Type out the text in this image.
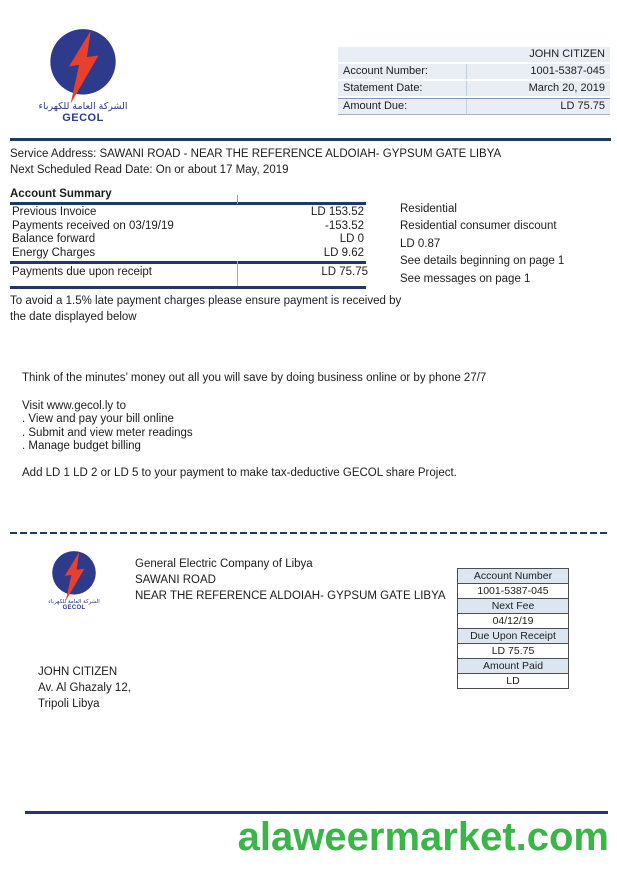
الشركة العامة للكهرباء
GECOL
JOHN CITIZEN
Account Number:	1001-5387-045
Statement Date:	March 20, 2019
Amount Due:	LD 75.75
Service Address: SAWANI ROAD - NEAR THE REFERENCE ALDOIAH- GYPSUM GATE LIBYA
Next Scheduled Read Date: On or about 17 May, 2019
Account Summary
Previous Invoice	LD 153.52
Payments received on 03/19/19	-153.52
Balance forward	LD 0
Energy Charges	LD 9.62
Payments due upon receipt	LD 75.75
Residential
Residential consumer discount
LD 0.87
See details beginning on page 1
See messages on page 1
To avoid a 1.5% late payment charges please ensure payment is received by the date displayed below

Think of the minutes’ money out all you will save by doing business online or by phone 27/7

Visit www.gecol.ly to

. View and pay your bill online

. Submit and view meter readings

. Manage budget billing

Add LD 1 LD 2 or LD 5 to your payment to make tax-deductive GECOL share Project.

الشركة العامة للكهرباء
GECOL
General Electric Company of Libya
SAWANI ROAD
NEAR THE REFERENCE ALDOIAH- GYPSUM GATE LIBYA
Account Number
1001-5387-045
Next Fee
04/12/19
Due Upon Receipt
LD 75.75
Amount Paid
LD
JOHN CITIZEN
Av. Al Ghazaly 12,
Tripoli Libya
alaweermarket.com
